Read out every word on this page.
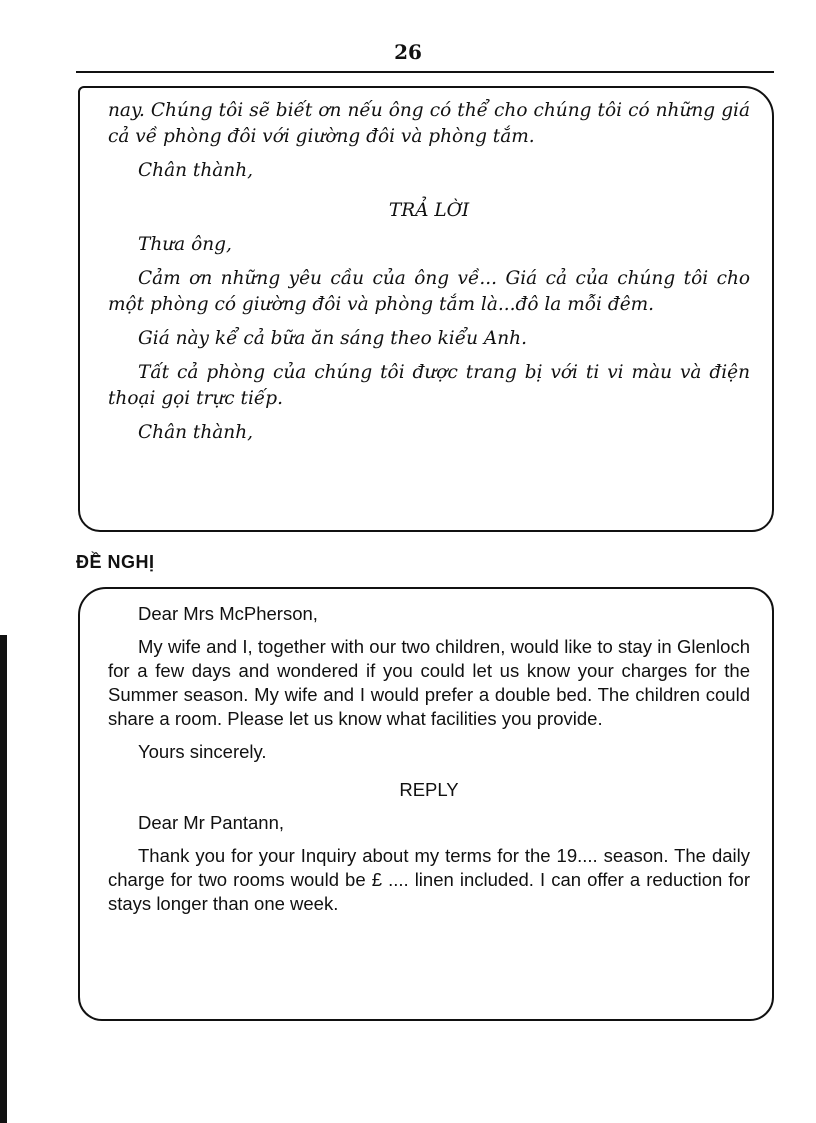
26

nay. Chúng tôi sẽ biết ơn nếu ông có thể cho chúng tôi có những giá cả về phòng đôi với giường đôi và phòng tắm.

Chân thành,

TRẢ LỜI

Thưa ông,

Cảm ơn những yêu cầu của ông về... Giá cả của chúng tôi cho một phòng có giường đôi và phòng tắm là...đô la mỗi đêm.

Giá này kể cả bữa ăn sáng theo kiểu Anh.

Tất cả phòng của chúng tôi được trang bị với ti vi màu và điện thoại gọi trực tiếp.

Chân thành,

ĐỀ NGHỊ

Dear Mrs McPherson,

My wife and I, together with our two children, would like to stay in Glenloch for a few days and wondered if you could let us know your charges for the Summer season. My wife and I would prefer a double bed. The children could share a room. Please let us know what facilities you provide.

Yours sincerely.

REPLY

Dear Mr Pantann,

Thank you for your Inquiry about my terms for the 19.... season. The daily charge for two rooms would be £ .... linen included. I can offer a reduction for stays longer than one week.
